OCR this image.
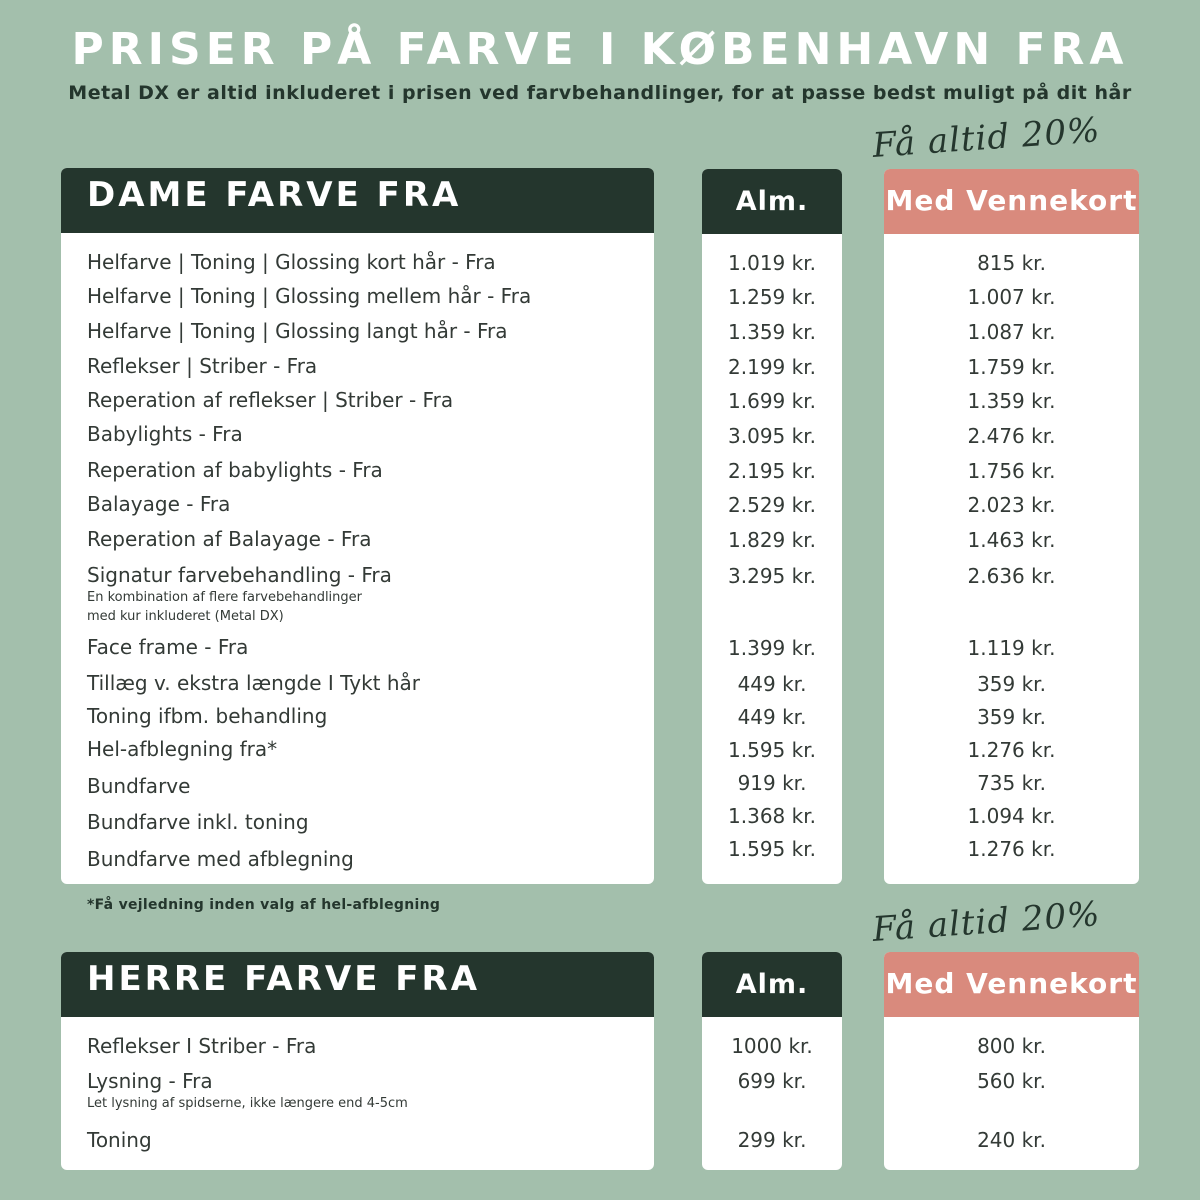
PRISER PÅ FARVE I KØBENHAVN FRA
Metal DX er altid inkluderet i prisen ved farvbehandlinger, for at passe bedst muligt på dit hår
Få altid 20%
DAME FARVE FRA
Helfarve | Toning | Glossing kort hår - Fra
Helfarve | Toning | Glossing mellem hår - Fra
Helfarve | Toning | Glossing langt hår - Fra
Reflekser | Striber - Fra
Reperation af reflekser | Striber - Fra
Babylights - Fra
Reperation af babylights - Fra
Balayage - Fra
Reperation af Balayage - Fra
Signatur farvebehandling - Fra
En kombination af flere farvebehandlinger
med kur inkluderet (Metal DX)
Face frame - Fra
Tillæg v. ekstra længde I Tykt hår
Toning ifbm. behandling
Hel-afblegning fra*
Bundfarve
Bundfarve inkl. toning
Bundfarve med afblegning
Alm.
1.019 kr.
1.259 kr.
1.359 kr.
2.199 kr.
1.699 kr.
3.095 kr.
2.195 kr.
2.529 kr.
1.829 kr.
3.295 kr.
1.399 kr.
449 kr.
449 kr.
1.595 kr.
919 kr.
1.368 kr.
1.595 kr.
Med Vennekort
815 kr.
1.007 kr.
1.087 kr.
1.759 kr.
1.359 kr.
2.476 kr.
1.756 kr.
2.023 kr.
1.463 kr.
2.636 kr.
1.119 kr.
359 kr.
359 kr.
1.276 kr.
735 kr.
1.094 kr.
1.276 kr.
*Få vejledning inden valg af hel-afblegning	Få altid 20%
HERRE FARVE FRA
Reflekser I Striber - Fra
Lysning - Fra
Let lysning af spidserne, ikke længere end 4-5cm
Toning
Alm.
1000 kr.
699 kr.
299 kr.
Med Vennekort
800 kr.
560 kr.
240 kr.
